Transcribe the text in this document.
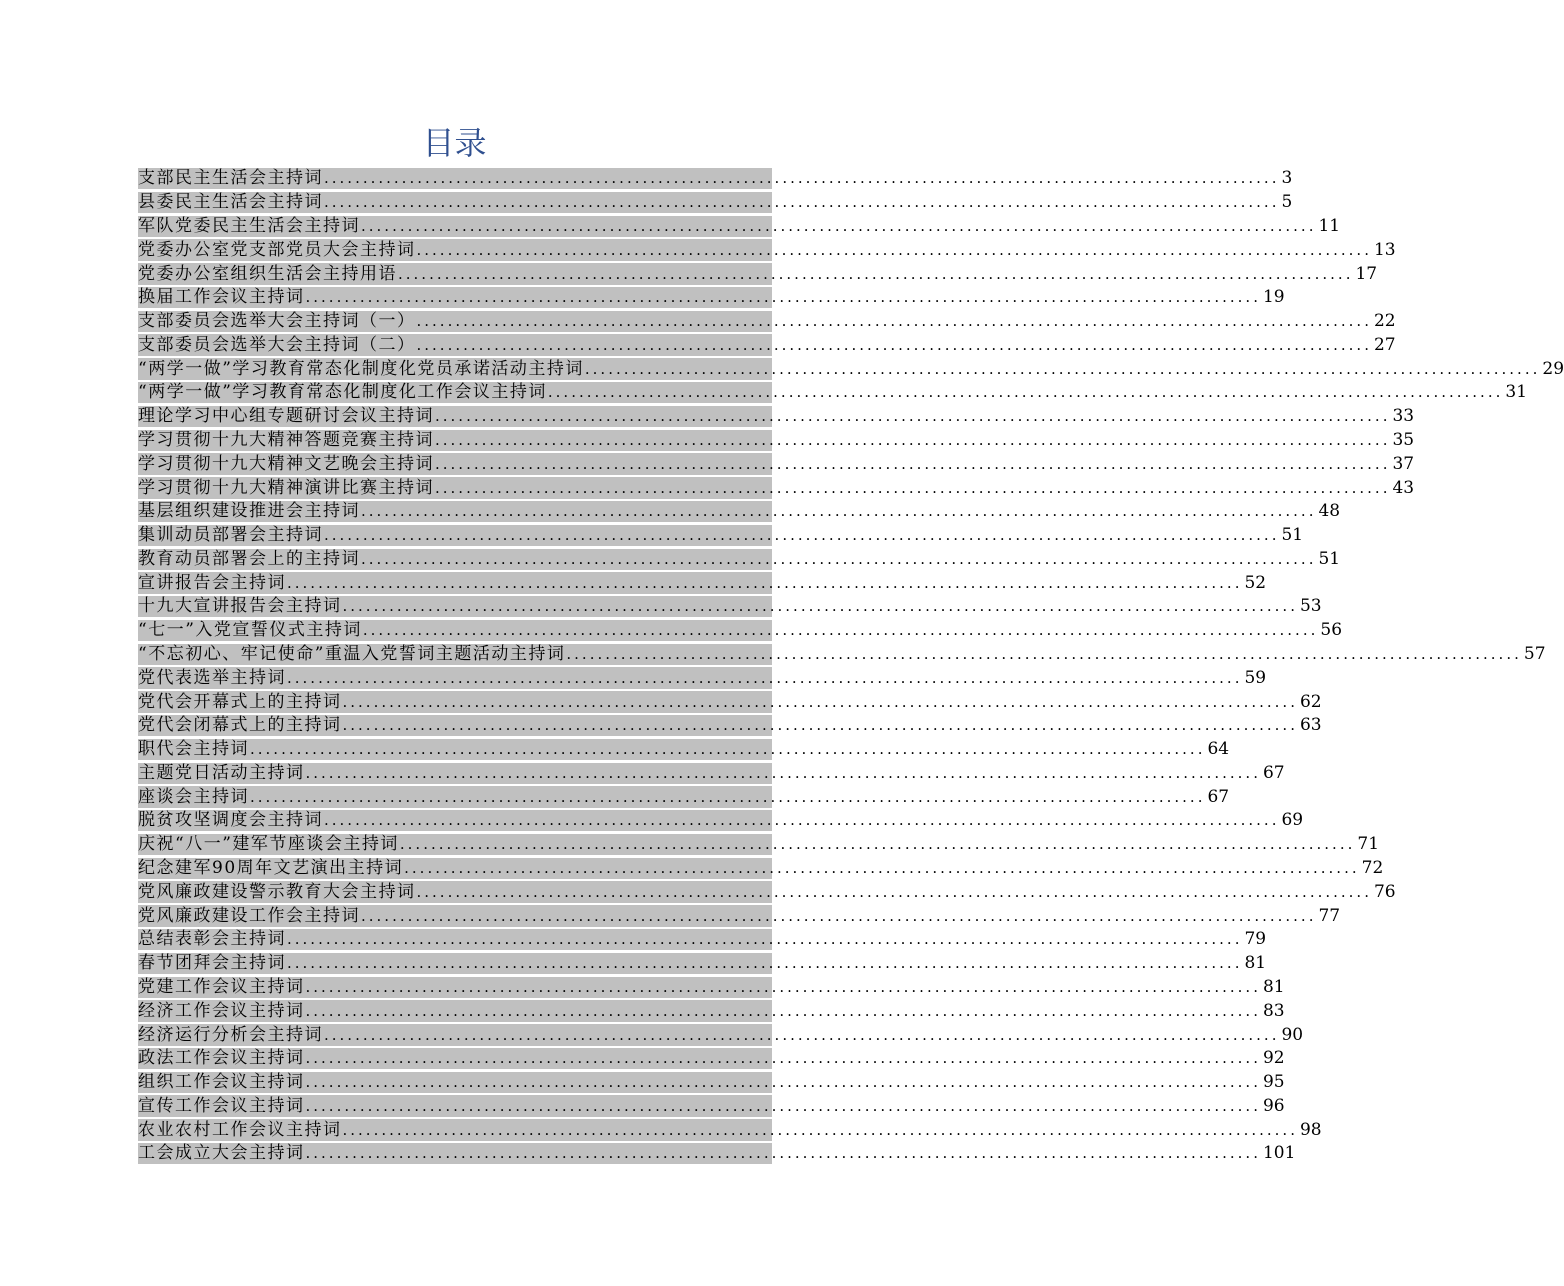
目录
支部民主生活会主持词 ........................................................................................................................... 3
县委民主生活会主持词 ........................................................................................................................... 5
军队党委民主生活会主持词 ........................................................................................................................... 11
党委办公室党支部党员大会主持词 ........................................................................................................................... 13
党委办公室组织生活会主持用语 ........................................................................................................................... 17
换届工作会议主持词 ........................................................................................................................... 19
支部委员会选举大会主持词（一） ........................................................................................................................... 22
支部委员会选举大会主持词（二） ........................................................................................................................... 27
“两学一做”学习教育常态化制度化党员承诺活动主持词 ........................................................................................................................... 29
“两学一做”学习教育常态化制度化工作会议主持词 ........................................................................................................................... 31
理论学习中心组专题研讨会议主持词 ........................................................................................................................... 33
学习贯彻十九大精神答题竞赛主持词 ........................................................................................................................... 35
学习贯彻十九大精神文艺晚会主持词 ........................................................................................................................... 37
学习贯彻十九大精神演讲比赛主持词 ........................................................................................................................... 43
基层组织建设推进会主持词 ........................................................................................................................... 48
集训动员部署会主持词 ........................................................................................................................... 51
教育动员部署会上的主持词 ........................................................................................................................... 51
宣讲报告会主持词 ........................................................................................................................... 52
十九大宣讲报告会主持词 ........................................................................................................................... 53
“七一”入党宣誓仪式主持词 ........................................................................................................................... 56
“不忘初心、牢记使命”重温入党誓词主题活动主持词 ........................................................................................................................... 57
党代表选举主持词 ........................................................................................................................... 59
党代会开幕式上的主持词 ........................................................................................................................... 62
党代会闭幕式上的主持词 ........................................................................................................................... 63
职代会主持词 ........................................................................................................................... 64
主题党日活动主持词 ........................................................................................................................... 67
座谈会主持词 ........................................................................................................................... 67
脱贫攻坚调度会主持词 ........................................................................................................................... 69
庆祝“八一”建军节座谈会主持词 ........................................................................................................................... 71
纪念建军90周年文艺演出主持词 ........................................................................................................................... 72
党风廉政建设警示教育大会主持词 ........................................................................................................................... 76
党风廉政建设工作会主持词 ........................................................................................................................... 77
总结表彰会主持词 ........................................................................................................................... 79
春节团拜会主持词 ........................................................................................................................... 81
党建工作会议主持词 ........................................................................................................................... 81
经济工作会议主持词 ........................................................................................................................... 83
经济运行分析会主持词 ........................................................................................................................... 90
政法工作会议主持词 ........................................................................................................................... 92
组织工作会议主持词 ........................................................................................................................... 95
宣传工作会议主持词 ........................................................................................................................... 96
农业农村工作会议主持词 ........................................................................................................................... 98
工会成立大会主持词 ........................................................................................................................... 101
